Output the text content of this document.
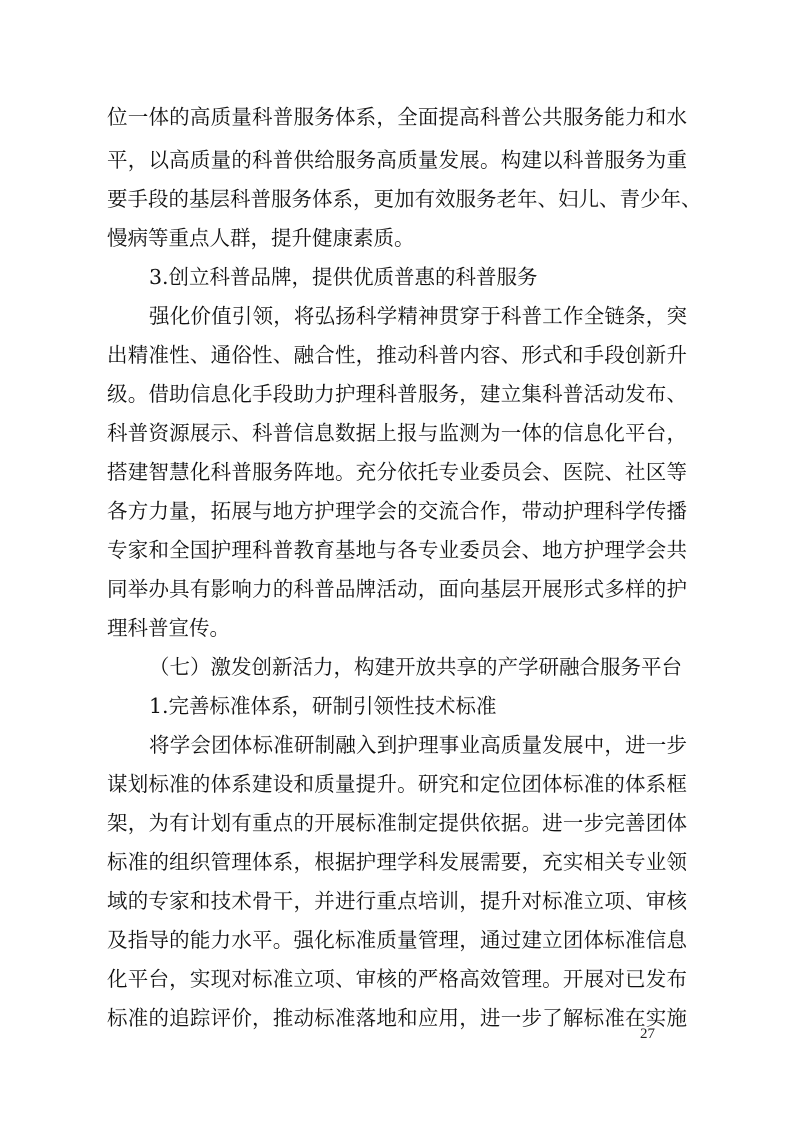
位一体的高质量科普服务体系，全面提高科普公共服务能力和水
平，以高质量的科普供给服务高质量发展。构建以科普服务为重
要手段的基层科普服务体系，更加有效服务老年、妇儿、青少年、
慢病等重点人群，提升健康素质。
3.创立科普品牌，提供优质普惠的科普服务
强化价值引领，将弘扬科学精神贯穿于科普工作全链条，突
出精准性、通俗性、融合性，推动科普内容、形式和手段创新升
级。借助信息化手段助力护理科普服务，建立集科普活动发布、
科普资源展示、科普信息数据上报与监测为一体的信息化平台，
搭建智慧化科普服务阵地。充分依托专业委员会、医院、社区等
各方力量，拓展与地方护理学会的交流合作，带动护理科学传播
专家和全国护理科普教育基地与各专业委员会、地方护理学会共
同举办具有影响力的科普品牌活动，面向基层开展形式多样的护
理科普宣传。
（七）激发创新活力，构建开放共享的产学研融合服务平台
1.完善标准体系，研制引领性技术标准
将学会团体标准研制融入到护理事业高质量发展中，进一步
谋划标准的体系建设和质量提升。研究和定位团体标准的体系框
架，为有计划有重点的开展标准制定提供依据。进一步完善团体
标准的组织管理体系，根据护理学科发展需要，充实相关专业领
域的专家和技术骨干，并进行重点培训，提升对标准立项、审核
及指导的能力水平。强化标准质量管理，通过建立团体标准信息
化平台，实现对标准立项、审核的严格高效管理。开展对已发布
标准的追踪评价，推动标准落地和应用，进一步了解标准在实施
27
